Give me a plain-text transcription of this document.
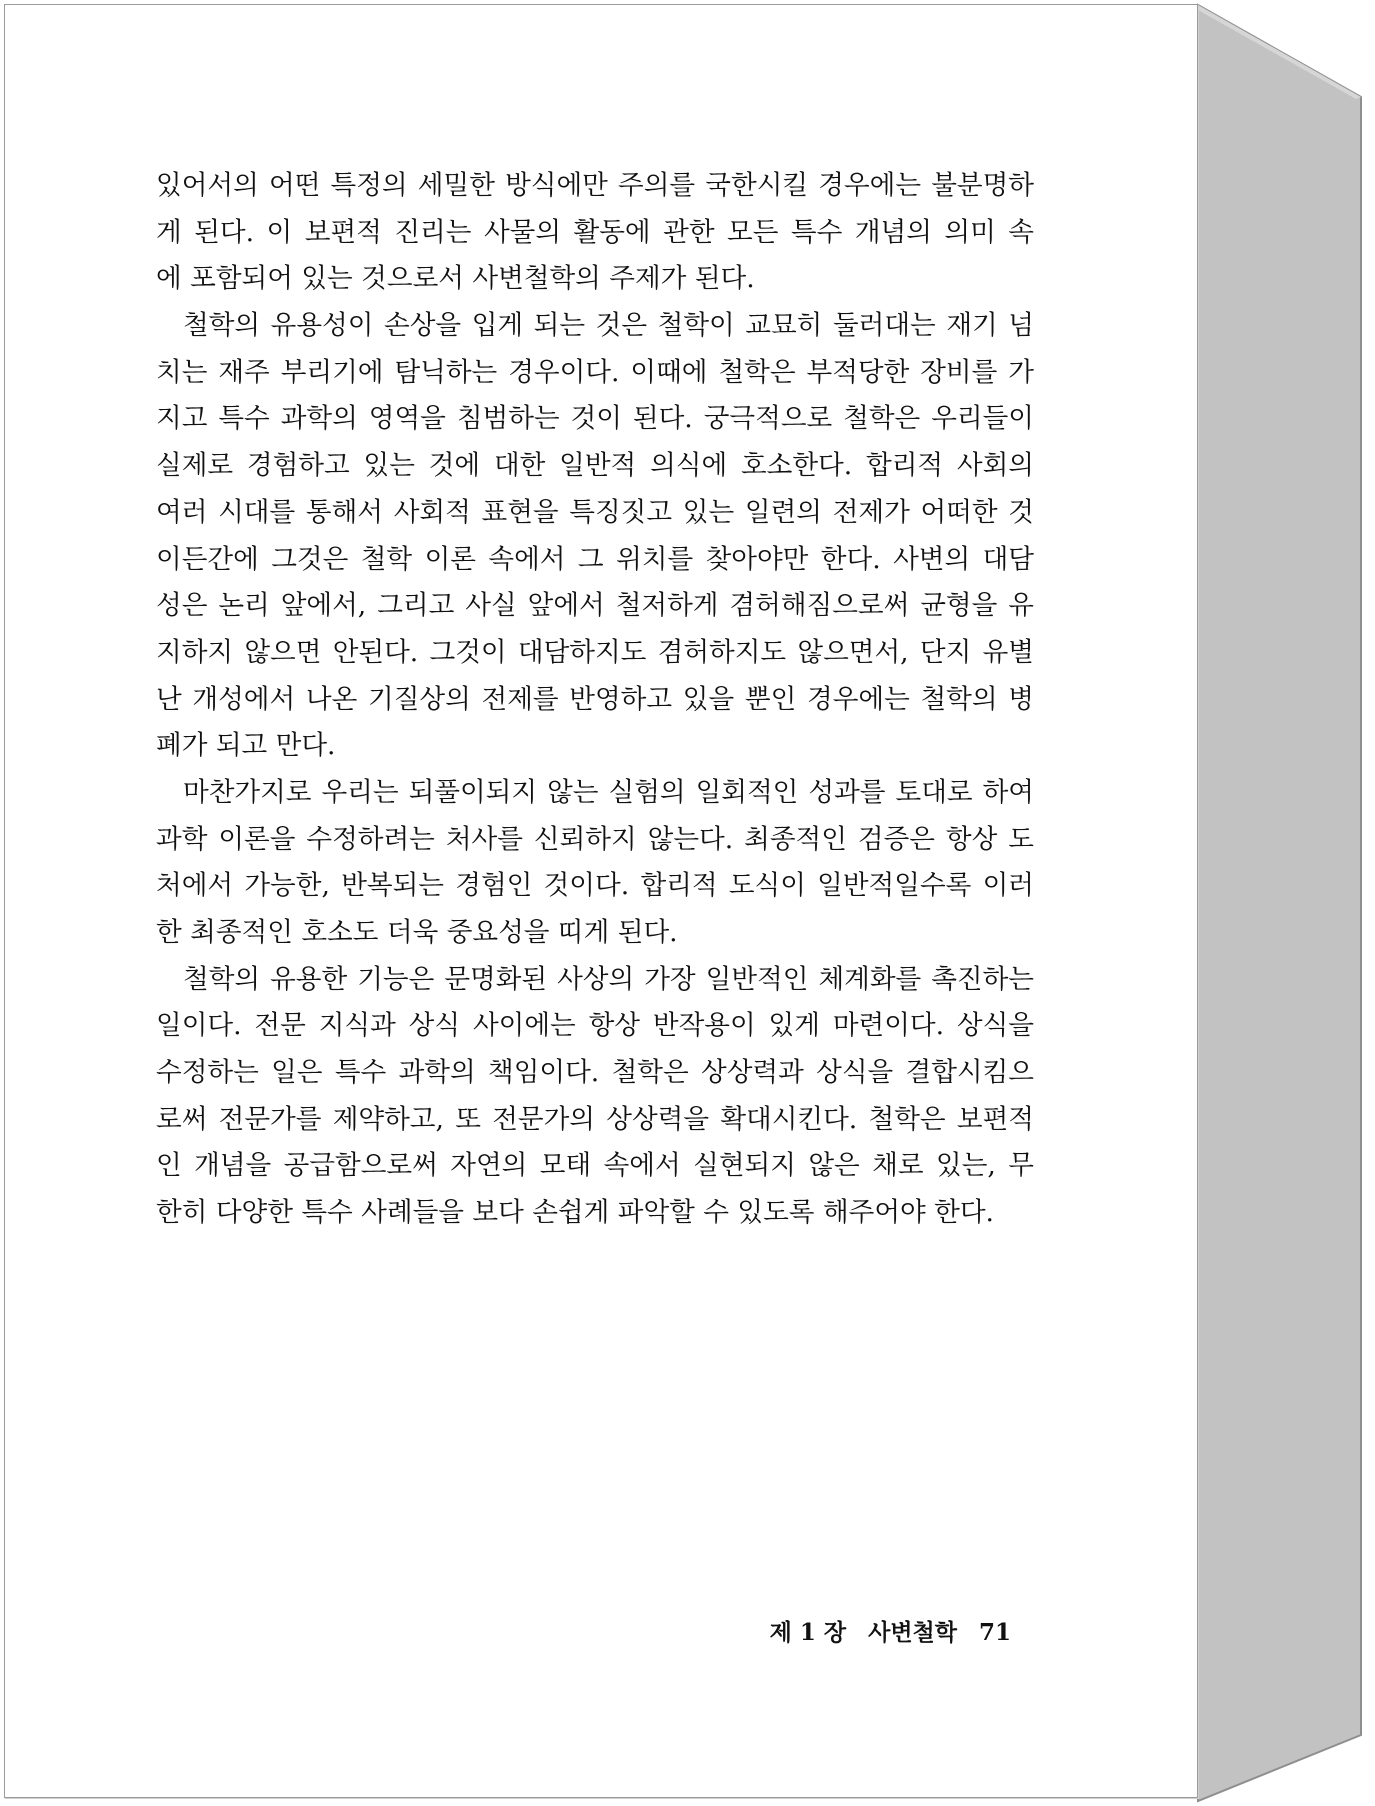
있어서의 어떤 특정의 세밀한 방식에만 주의를 국한시킬 경우에는 불분명하
게 된다. 이 보편적 진리는 사물의 활동에 관한 모든 특수 개념의 의미 속
에 포함되어 있는 것으로서 사변철학의 주제가 된다.
철학의 유용성이 손상을 입게 되는 것은 철학이 교묘히 둘러대는 재기 넘
치는 재주 부리기에 탐닉하는 경우이다. 이때에 철학은 부적당한 장비를 가
지고 특수 과학의 영역을 침범하는 것이 된다. 궁극적으로 철학은 우리들이
실제로 경험하고 있는 것에 대한 일반적 의식에 호소한다. 합리적 사회의
여러 시대를 통해서 사회적 표현을 특징짓고 있는 일련의 전제가 어떠한 것
이든간에 그것은 철학 이론 속에서 그 위치를 찾아야만 한다. 사변의 대담
성은 논리 앞에서, 그리고 사실 앞에서 철저하게 겸허해짐으로써 균형을 유
지하지 않으면 안된다. 그것이 대담하지도 겸허하지도 않으면서, 단지 유별
난 개성에서 나온 기질상의 전제를 반영하고 있을 뿐인 경우에는 철학의 병
폐가 되고 만다.
마찬가지로 우리는 되풀이되지 않는 실험의 일회적인 성과를 토대로 하여
과학 이론을 수정하려는 처사를 신뢰하지 않는다. 최종적인 검증은 항상 도
처에서 가능한, 반복되는 경험인 것이다. 합리적 도식이 일반적일수록 이러
한 최종적인 호소도 더욱 중요성을 띠게 된다.
철학의 유용한 기능은 문명화된 사상의 가장 일반적인 체계화를 촉진하는
일이다. 전문 지식과 상식 사이에는 항상 반작용이 있게 마련이다. 상식을
수정하는 일은 특수 과학의 책임이다. 철학은 상상력과 상식을 결합시킴으
로써 전문가를 제약하고, 또 전문가의 상상력을 확대시킨다. 철학은 보편적
인 개념을 공급함으로써 자연의 모태 속에서 실현되지 않은 채로 있는, 무
한히 다양한 특수 사례들을 보다 손쉽게 파악할 수 있도록 해주어야 한다.
제 1 장 사변철학 71
